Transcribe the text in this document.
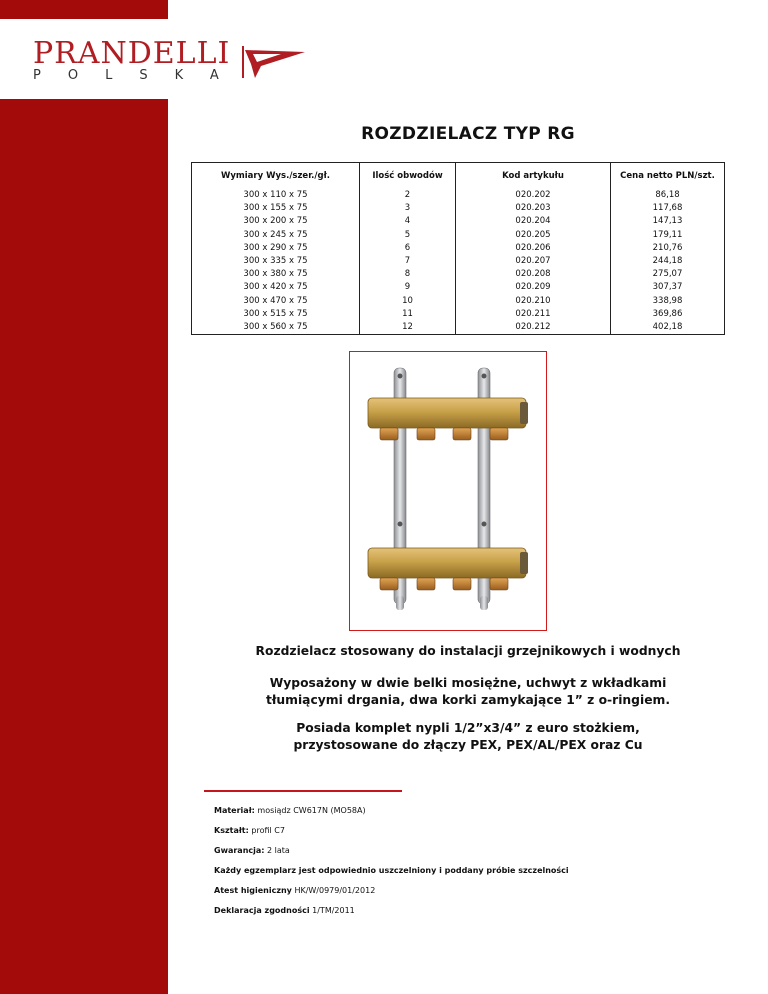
PRANDELLI
POLSKA
ROZDZIELACZ TYP RG
Wymiary Wys./szer./gł.	Ilość obwodów	Kod artykułu	Cena netto PLN/szt.
300 x 110 x 75	2	020.202	86,18
300 x 155 x 75	3	020.203	117,68
300 x 200 x 75	4	020.204	147,13
300 x 245 x 75	5	020.205	179,11
300 x 290 x 75	6	020.206	210,76
300 x 335 x 75	7	020.207	244,18
300 x 380 x 75	8	020.208	275,07
300 x 420 x 75	9	020.209	307,37
300 x 470 x 75	10	020.210	338,98
300 x 515 x 75	11	020.211	369,86
300 x 560 x 75	12	020.212	402,18
Rozdzielacz stosowany do instalacji grzejnikowych i wodnych
Wyposażony w dwie belki mosiężne, uchwyt z wkładkami tłumiącymi drgania, dwa korki zamykające 1” z o-ringiem.
Posiada komplet nypli 1/2”x3/4” z euro stożkiem, przystosowane do złączy PEX, PEX/AL/PEX oraz Cu
Materiał: mosiądz CW617N (MO58A)
Kształt: profil C7
Gwarancja: 2 lata
Każdy egzemplarz jest odpowiednio uszczelniony i poddany próbie szczelności
Atest higieniczny HK/W/0979/01/2012
Deklaracja zgodności 1/TM/2011
